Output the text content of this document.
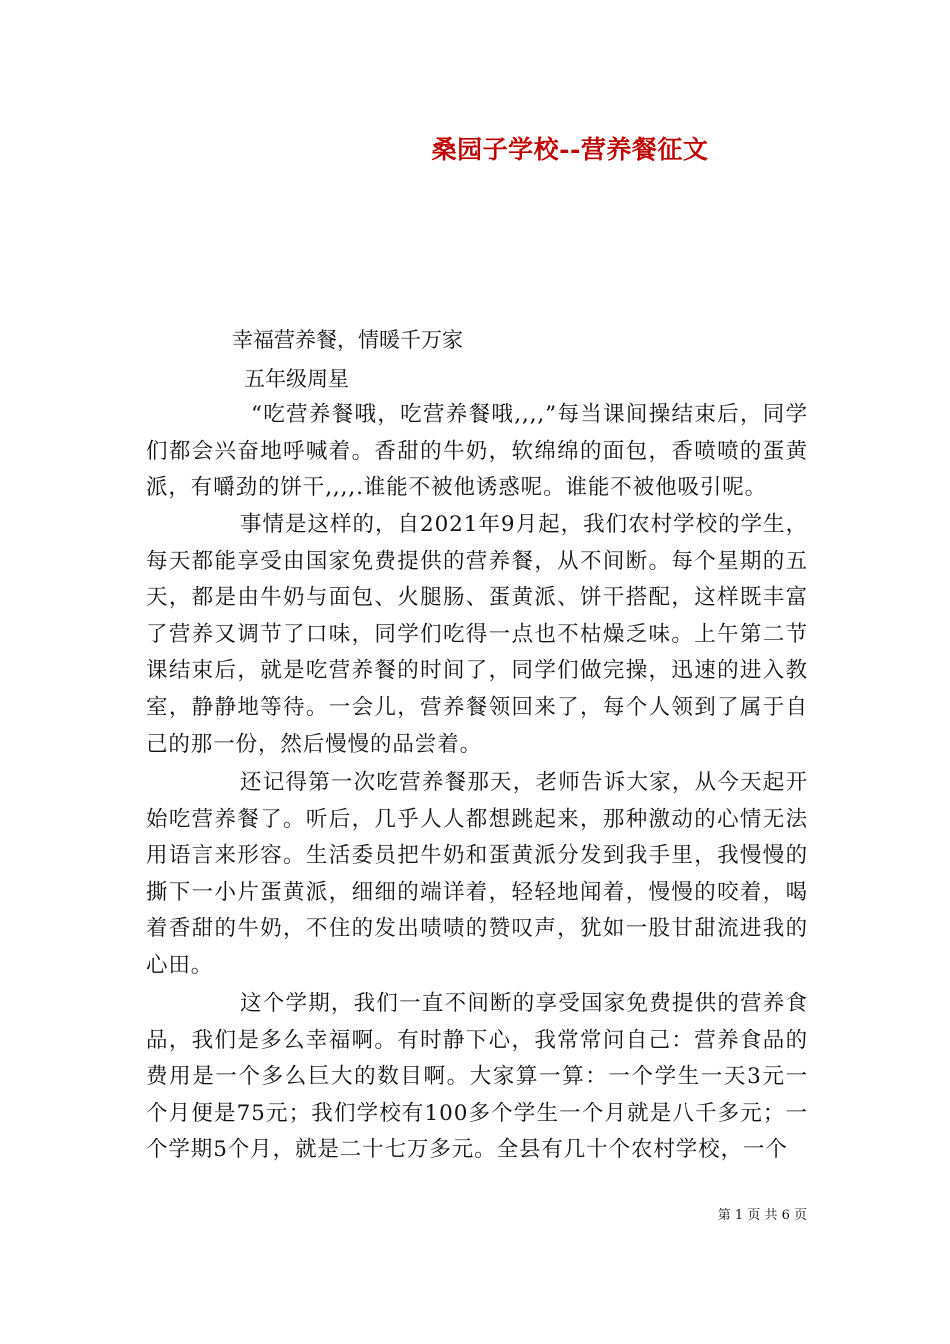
桑园子学校--营养餐征文
幸福营养餐，情暖千万家
五年级周星

“吃营养餐哦，吃营养餐哦,,,,”每当课间操结束后，同学们都会兴奋地呼喊着。香甜的牛奶，软绵绵的面包，香喷喷的蛋黄派，有嚼劲的饼干,,,,.谁能不被他诱惑呢。谁能不被他吸引呢。

事情是这样的，自2021年9月起，我们农村学校的学生，每天都能享受由国家免费提供的营养餐，从不间断。每个星期的五天，都是由牛奶与面包、火腿肠、蛋黄派、饼干搭配，这样既丰富了营养又调节了口味，同学们吃得一点也不枯燥乏味。上午第二节课结束后，就是吃营养餐的时间了，同学们做完操，迅速的进入教室，静静地等待。一会儿，营养餐领回来了，每个人领到了属于自己的那一份，然后慢慢的品尝着。

还记得第一次吃营养餐那天，老师告诉大家，从今天起开始吃营养餐了。听后，几乎人人都想跳起来，那种激动的心情无法用语言来形容。生活委员把牛奶和蛋黄派分发到我手里，我慢慢的撕下一小片蛋黄派，细细的端详着，轻轻地闻着，慢慢的咬着，喝着香甜的牛奶，不住的发出啧啧的赞叹声，犹如一股甘甜流进我的心田。

这个学期，我们一直不间断的享受国家免费提供的营养食品，我们是多么幸福啊。有时静下心，我常常问自己：营养食品的费用是一个多么巨大的数目啊。大家算一算：一个学生一天3元一个月便是75元；我们学校有100多个学生一个月就是八千多元；一个学期5个月，就是二十七万多元。全县有几十个农村学校，一个

第 1 页 共 6 页
